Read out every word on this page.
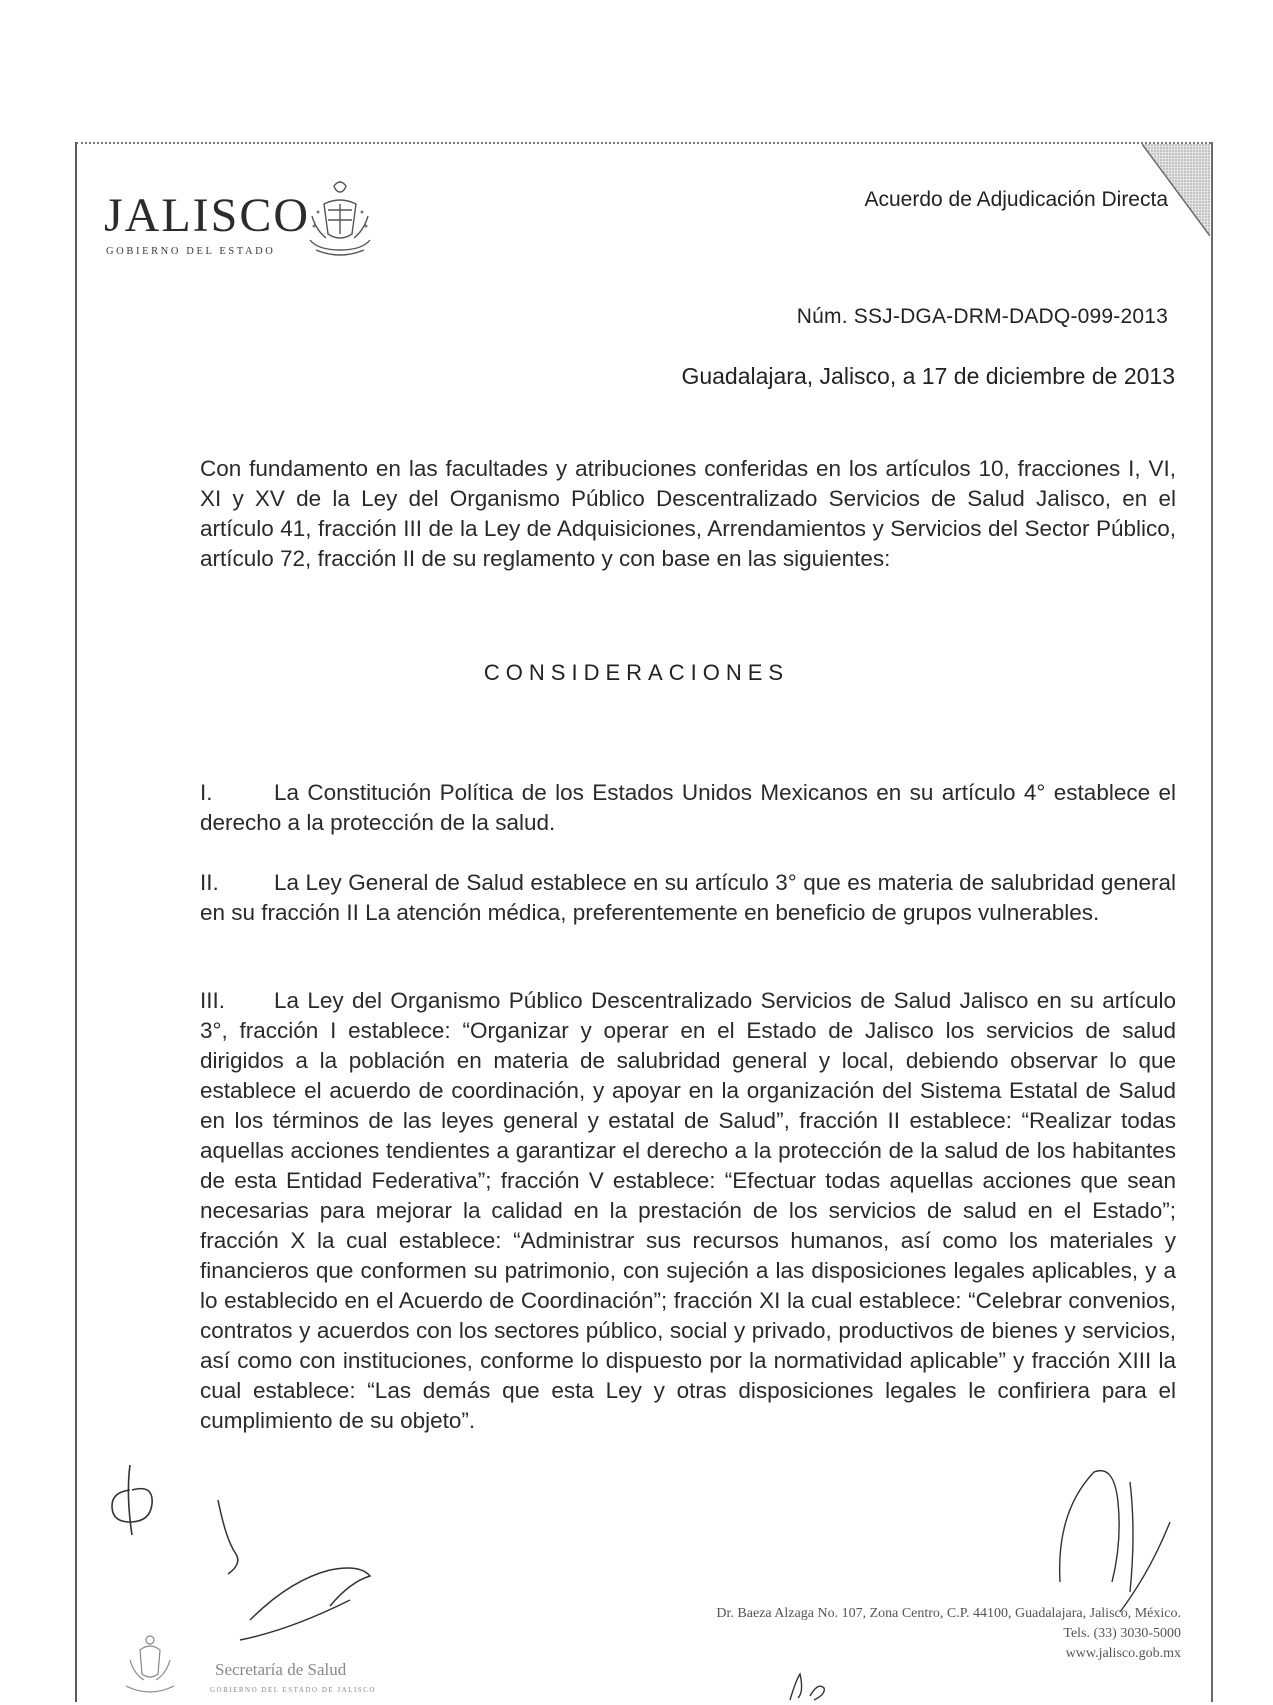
JALISCO
GOBIERNO DEL ESTADO
Acuerdo de Adjudicación Directa
Núm. SSJ-DGA-DRM-DADQ-099-2013
Guadalajara, Jalisco, a 17 de diciembre de 2013
Con fundamento en las facultades y atribuciones conferidas en los artículos 10, fracciones I, VI, XI y XV de la Ley del Organismo Público Descentralizado Servicios de Salud Jalisco, en el artículo 41, fracción III de la Ley de Adquisiciones, Arrendamientos y Servicios del Sector Público, artículo 72, fracción II de su reglamento y con base en las siguientes:
CONSIDERACIONES
I.	La Constitución Política de los Estados Unidos Mexicanos en su artículo 4° establece el derecho a la protección de la salud.
II. La Ley General de Salud establece en su artículo 3° que es materia de salubridad general en su fracción II La atención médica, preferentemente en beneficio de grupos vulnerables.
III. La Ley del Organismo Público Descentralizado Servicios de Salud Jalisco en su artículo 3°, fracción I establece: “Organizar y operar en el Estado de Jalisco los servicios de salud dirigidos a la población en materia de salubridad general y local, debiendo observar lo que establece el acuerdo de coordinación, y apoyar en la organización del Sistema Estatal de Salud en los términos de las leyes general y estatal de Salud”, fracción II establece: “Realizar todas aquellas acciones tendientes a garantizar el derecho a la protección de la salud de los habitantes de esta Entidad Federativa”; fracción V establece: “Efectuar todas aquellas acciones que sean necesarias para mejorar la calidad en la prestación de los servicios de salud en el Estado”; fracción X la cual establece: “Administrar sus recursos humanos, así como los materiales y financieros que conformen su patrimonio, con sujeción a las disposiciones legales aplicables, y a lo establecido en el Acuerdo de Coordinación”; fracción XI la cual establece: “Celebrar convenios, contratos y acuerdos con los sectores público, social y privado, productivos de bienes y servicios, así como con instituciones, conforme lo dispuesto por la normatividad aplicable” y fracción XIII la cual establece: “Las demás que esta Ley y otras disposiciones legales le confiriera para el cumplimiento de su objeto”.
Secretaría de Salud
GOBIERNO DEL ESTADO DE JALISCO
Dr. Baeza Alzaga No. 107, Zona Centro, C.P. 44100, Guadalajara, Jalisco, México.
Tels. (33) 3030-5000
www.jalisco.gob.mx
